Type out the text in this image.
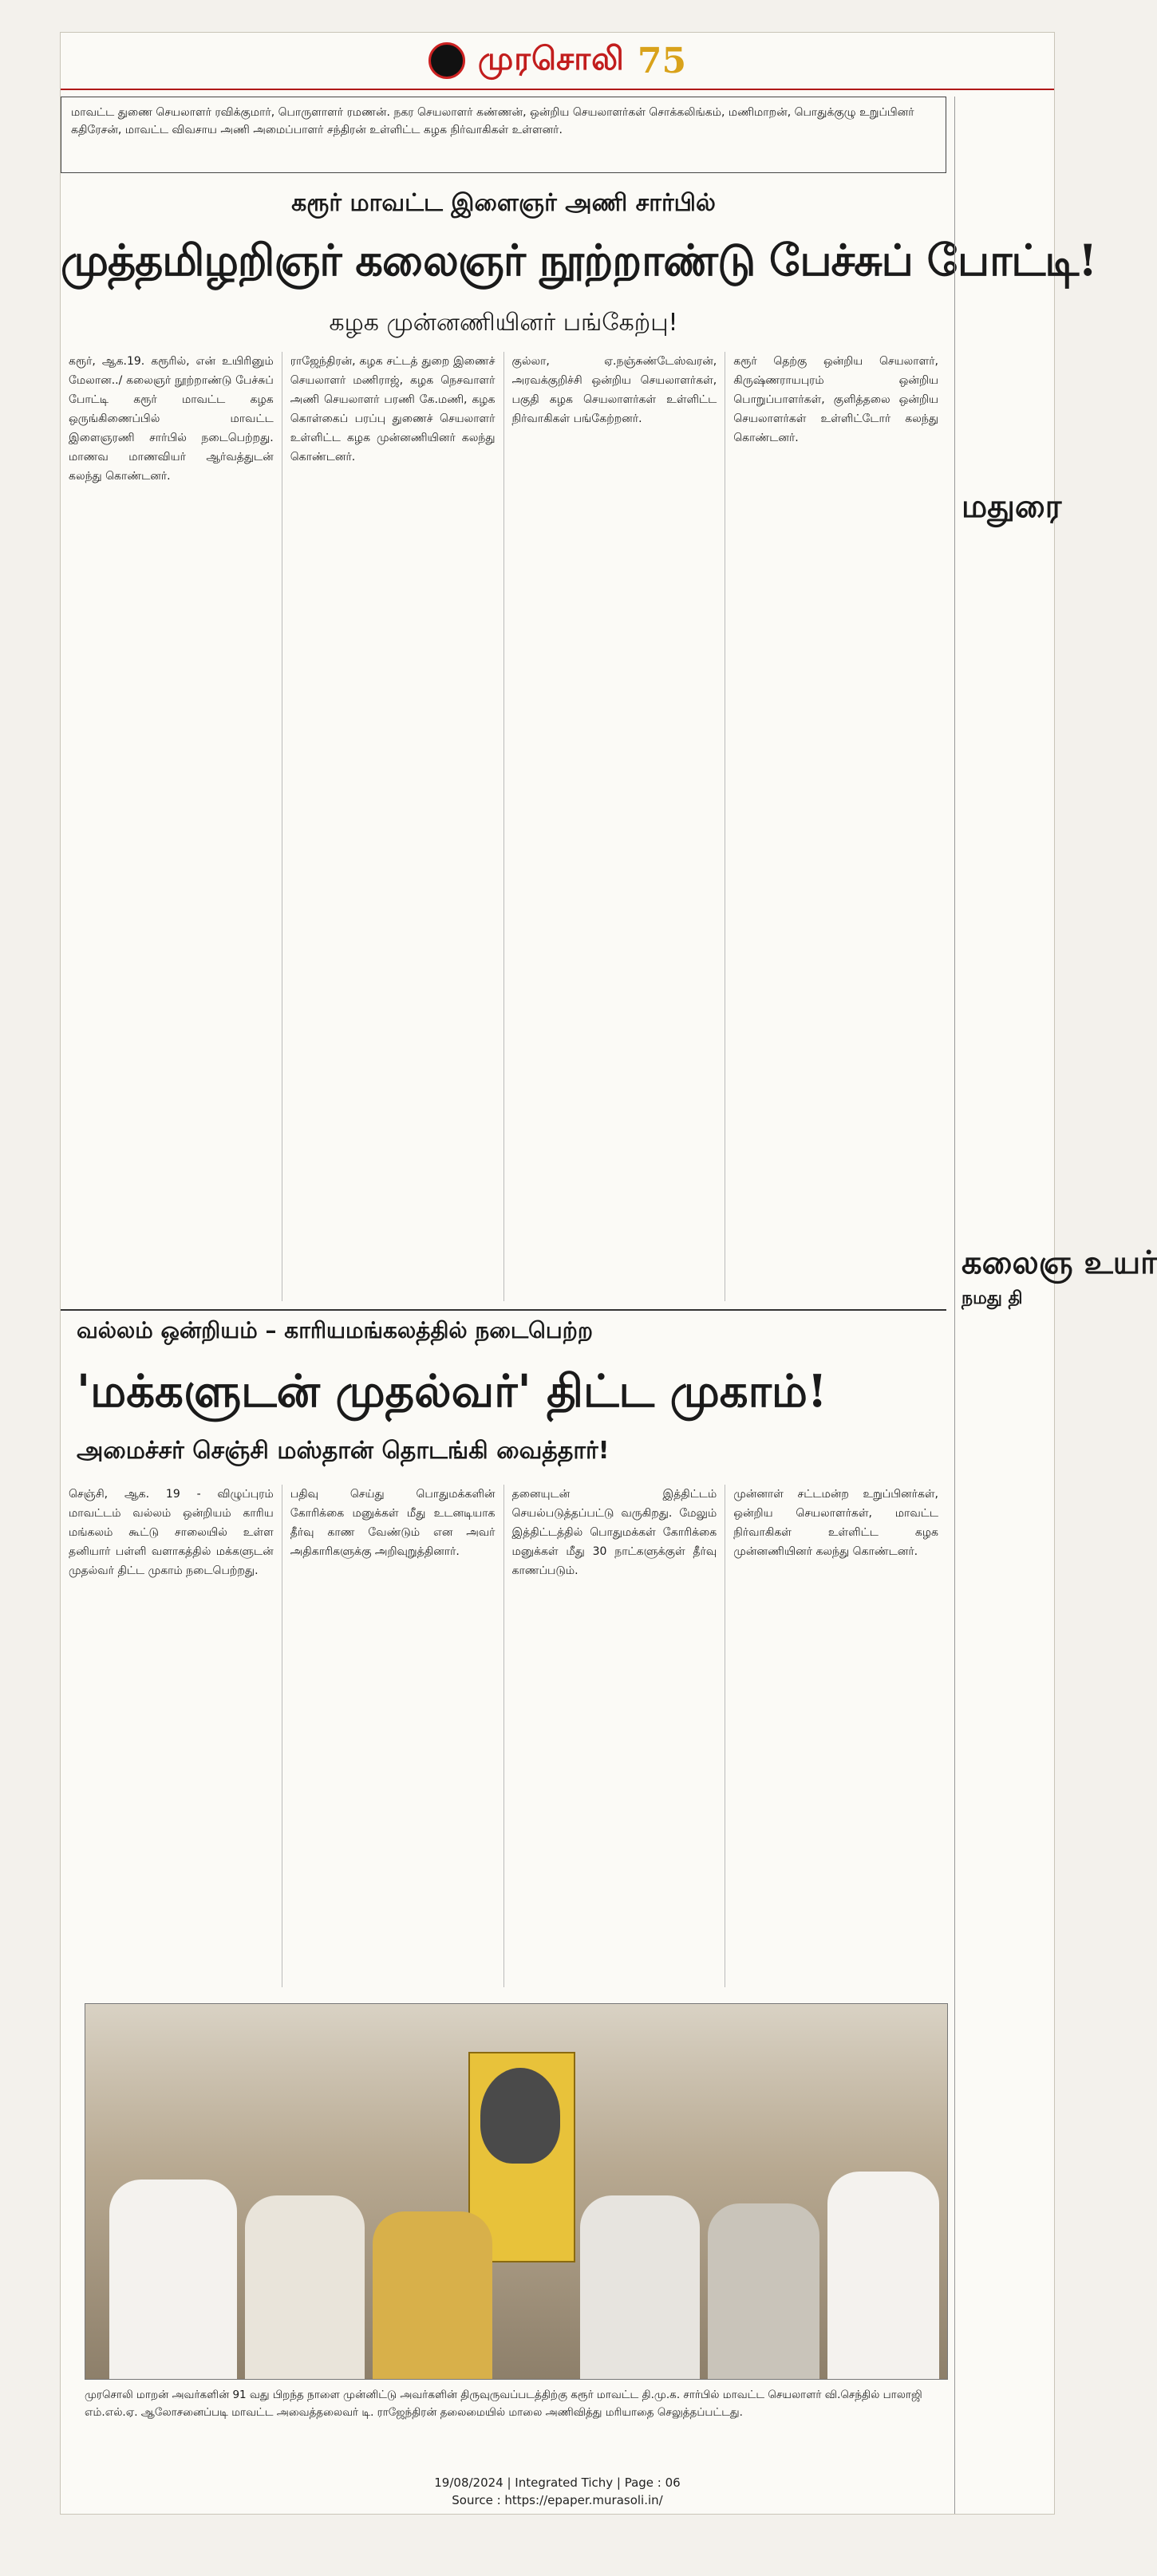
முரசொலி 75
மாவட்ட துணை செயலாளர் ரவிக்குமார், பொருளாளர் ரமணன். நகர செயலாளர் கண்ணன், ஒன்றிய செயலாளர்கள் சொக்கலிங்கம், மணிமாறன், பொதுக்குழு உறுப்பினர் கதிரேசன், மாவட்ட விவசாய அணி அமைப்பாளர் சந்திரன் உள்ளிட்ட கழக நிர்வாகிகள் உள்ளனர்.
கரூர் மாவட்ட இளைஞர் அணி சார்பில்
முத்தமிழறிஞர் கலைஞர் நூற்றாண்டு பேச்சுப் போட்டி!
கழக முன்னணியினர் பங்கேற்பு!
கரூர், ஆக.19. கரூரில், என் உயிரினும் மேலான../ கலைஞர் நூற்றாண்டு பேச்சுப் போட்டி கரூர் மாவட்ட கழக ஒருங்கிணைப்பில் மாவட்ட இளைஞரணி சார்பில் நடைபெற்றது. மாணவ மாணவியர் ஆர்வத்துடன் கலந்து கொண்டனர்.
ராஜேந்திரன், கழக சட்டத் துறை இணைச் செயலாளர் மணிராஜ், கழக நெசவாளர் அணி செயலாளர் பரணி கே.மணி, கழக கொள்கைப் பரப்பு துணைச் செயலாளர் உள்ளிட்ட கழக முன்னணியினர் கலந்து கொண்டனர்.
குல்லா, ஏ.நஞ்சுண்டேஸ்வரன், அரவக்குறிச்சி ஒன்றிய செயலாளர்கள், பகுதி கழக செயலாளர்கள் உள்ளிட்ட நிர்வாகிகள் பங்கேற்றனர்.
கரூர் தெற்கு ஒன்றிய செயலாளர், கிருஷ்ணராயபுரம் ஒன்றிய பொறுப்பாளர்கள், குளித்தலை ஒன்றிய செயலாளர்கள் உள்ளிட்டோர் கலந்து கொண்டனர்.
வல்லம் ஒன்றியம் – காரியமங்கலத்தில் நடைபெற்ற
'மக்களுடன் முதல்வர்' திட்ட முகாம்!
அமைச்சர் செஞ்சி மஸ்தான் தொடங்கி வைத்தார்!
செஞ்சி, ஆக. 19 - விழுப்புரம் மாவட்டம் வல்லம் ஒன்றியம் காரிய மங்கலம் கூட்டு சாலையில் உள்ள தனியார் பள்ளி வளாகத்தில் மக்களுடன் முதல்வர் திட்ட முகாம் நடைபெற்றது.
பதிவு செய்து பொதுமக்களின் கோரிக்கை மனுக்கள் மீது உடனடியாக தீர்வு காண வேண்டும் என அவர் அதிகாரிகளுக்கு அறிவுறுத்தினார்.
தனையுடன் இத்திட்டம் செயல்படுத்தப்பட்டு வருகிறது. மேலும் இத்திட்டத்தில் பொதுமக்கள் கோரிக்கை மனுக்கள் மீது 30 நாட்களுக்குள் தீர்வு காணப்படும்.
முன்னாள் சட்டமன்ற உறுப்பினர்கள், ஒன்றிய செயலாளர்கள், மாவட்ட நிர்வாகிகள் உள்ளிட்ட கழக முன்னணியினர் கலந்து கொண்டனர்.
முரசொலி மாறன் அவர்களின் 91 வது பிறந்த நாளை முன்னிட்டு அவர்களின் திருவுருவப்படத்திற்கு கரூர் மாவட்ட தி.மு.க. சார்பில் மாவட்ட செயலாளர் வி.செந்தில் பாலாஜி எம்.எல்.ஏ. ஆலோசனைப்படி மாவட்ட அவைத்தலைவர் டி. ராஜேந்திரன் தலைமையில் மாலை அணிவித்து மரியாதை செலுத்தப்பட்டது.
மதுரை
கலைஞ உயர்
நமது தி
19/08/2024 | Integrated Tichy | Page : 06
Source : https://epaper.murasoli.in/
